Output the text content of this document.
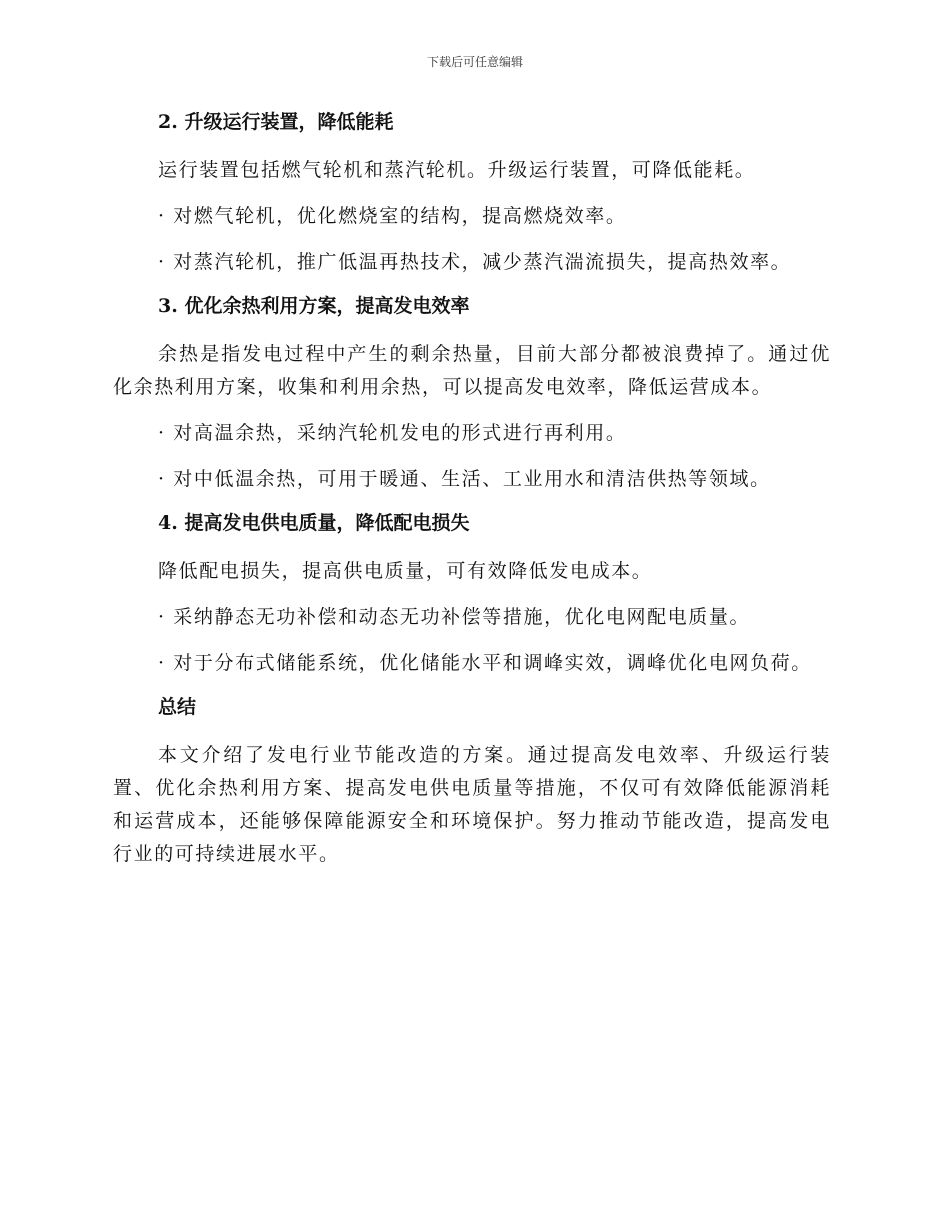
下载后可任意编辑
2. 升级运行装置，降低能耗

运行装置包括燃气轮机和蒸汽轮机。升级运行装置，可降低能耗。

· 对燃气轮机，优化燃烧室的结构，提高燃烧效率。

· 对蒸汽轮机，推广低温再热技术，减少蒸汽湍流损失，提高热效率。

3. 优化余热利用方案，提高发电效率

余热是指发电过程中产生的剩余热量，目前大部分都被浪费掉了。通过优化余热利用方案，收集和利用余热，可以提高发电效率，降低运营成本。

· 对高温余热，采纳汽轮机发电的形式进行再利用。

· 对中低温余热，可用于暖通、生活、工业用水和清洁供热等领域。

4. 提高发电供电质量，降低配电损失

降低配电损失，提高供电质量，可有效降低发电成本。

· 采纳静态无功补偿和动态无功补偿等措施，优化电网配电质量。

· 对于分布式储能系统，优化储能水平和调峰实效，调峰优化电网负荷。

总结

本文介绍了发电行业节能改造的方案。通过提高发电效率、升级运行装置、优化余热利用方案、提高发电供电质量等措施，不仅可有效降低能源消耗和运营成本，还能够保障能源安全和环境保护。努力推动节能改造，提高发电行业的可持续进展水平。
